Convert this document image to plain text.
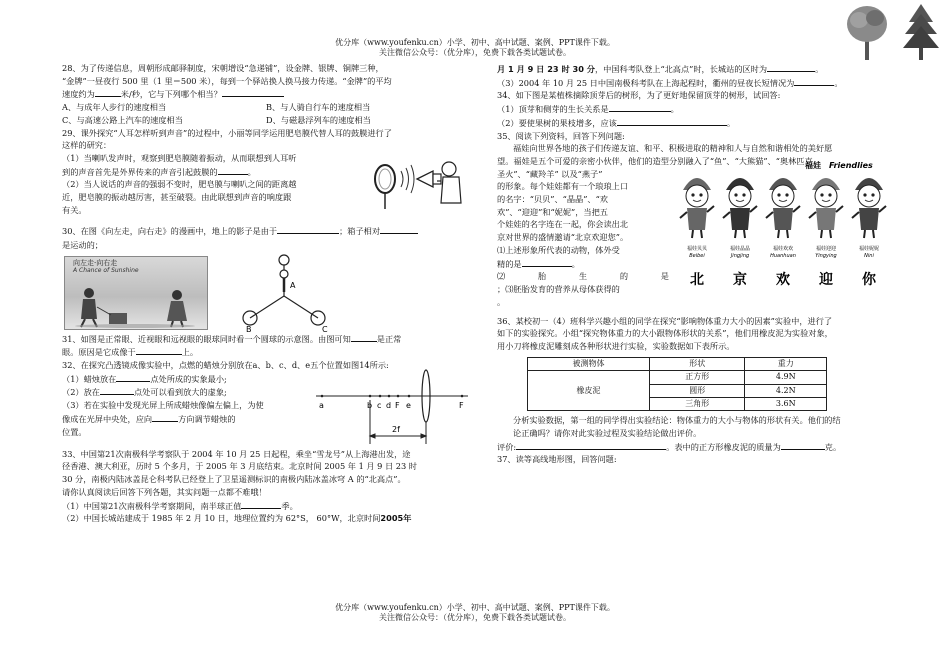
优分库（www.youfenku.cn）小学、初中、高中试题、案例、PPT课件下载。
关注微信公众号：（优分库），免费下载各类试题试卷。

28、为了传递信息，周朝形成邮驿制度，宋朝增设“急递铺”，设金牌、银牌、铜牌三种，

“金牌”一昼夜行 500 里（1 里＝500 米），每到一个驿站换人换马接力传递。“金牌”的平均

速度约为	米/秒，它与下列哪个相当？

A、与成年人步行的速度相当	B、与人骑自行车的速度相当
C、与高速公路上汽车的速度相当	D、与磁悬浮列车的速度相当

29、课外探究“人耳怎样听到声音”的过程中，小丽等同学运用肥皂膜代替人耳的鼓膜进行了

这样的研究：

（1）当喇叭发声时，观察到肥皂膜随着振动，从而联想到人耳听

到的声音首先是外界传来的声音引起鼓膜的	。

（2）当人说话的声音的强弱不变时，肥皂膜与喇叭之间的距离越

近，肥皂膜的振动越厉害，甚至破裂。由此联想到声音的响度跟

有关。

30、在图《向左走，向右走》的漫画中，地上的影子是由于	；箱子相对

是运动的；

向左走·向右走
A Chance of Sunshine
A
B	C

31、如图是正常眼、近视眼和远视眼的眼球同时看一个圆球的示意图。由图可知	是正常

眼。原因是它成像于	上。

32、在探究凸透镜成像实验中，点燃的蜡烛分别放在a、b、c、d、e五个位置如图14所示:

（1）蜡烛放在	点处所成的实象最小;

（2）放在	点处可以看到放大的虚象;

（3）若在实验中发现光屏上所成蜡烛像偏左偏上，为使

像成在光屏中央处，应向	方向调节蜡烛的

位置。

a	b c d F e	F
2f

33、中国第21次南极科学考察队于 2004 年 10 月 25 日起程，乘坐“雪龙号”从上海港出发，途

径香港、澳大利亚，历时 5 个多月，于 2005 年 3 月底结束。北京时间 2005 年 1 月 9 日 23 时

30 分，南极内陆冰盖昆仑科考队已经登上了卫星遥测标识的南极内陆冰盖冰穹 A 的“北高点”。

请你认真阅读后回答下列各题，其实问题一点都不难哦！

（1）中国第21次南极科学考察期间，南半球正值	季。

（2）中国长城站建成于 1985 年 2 月 10 日，地理位置约为 62°S， 60°W，北京时间2005年

月 1 月 9 日 23 时 30 分，中国科考队登上“北高点”时，长城站的区时为	。

（3）2004 年 10 月 25 日中国南极科考队在上海起程时，衢州的昼夜长短情况为	。

34、如下图是某植株摘除顶芽后的树形，为了更好地保留顶芽的树形，试回答:

（1）顶芽和侧芽的生长关系是	。

（2）要使果树的果枝增多，应该	。

35、阅读下列资料，回答下列问题:

福娃向世界各地的孩子们传递友谊、和平、积极进取的精神和人与自然和谐相处的美好愿

望。福娃是五个可爱的亲密小伙伴，他们的造型分别融入了“鱼”、“大熊猫”、“奥林匹克

圣火”、“藏羚羊” 以及“燕子”

的形象。每个娃娃都有一个琅琅上口

的名字：“贝贝”、“晶晶”、“欢

欢”、“迎迎”和“妮妮”，当把五

个娃娃的名字连在一起，你会读出北

京对世界的盛情邀请“北京欢迎您”。

⑴上述形象所代表的动物，体外受

精的是	。

⑵	胎	生	的	是

；⑶胚胎发育的营养从母体获得的

。

福娃 Friendlies
福娃贝贝
Beibei
福娃晶晶
Jingjing
福娃欢欢
Huanhuan
福娃迎迎
Yingying
福娃妮妮
Nini
北 京 欢 迎 你

36、某校初一（4）班科学兴趣小组的同学在探究“影响物体重力大小的因素”实验中，进行了

如下的实验探究。小组“探究物体重力的大小跟物体形状的关系”，他们用橡皮泥为实验对象，

用小刀将橡皮泥雕刻成各种形状进行实验，实验数据如下表所示。

被测物体	形状	重力
橡皮泥	正方形	4.9N
	圆形	4.2N
	三角形	3.6N

分析实验数据，第一组的同学得出实验结论：物体重力的大小与物体的形状有关。他们的结

论正确吗？请你对此实验过程及实验结论做出评价。

评价:	。表中的正方形橡皮泥的质量为	克。

37、读等高线地形图，回答问题:

优分库（www.youfenku.cn）小学、初中、高中试题、案例、PPT课件下载。
关注微信公众号：（优分库），免费下载各类试题试卷。
